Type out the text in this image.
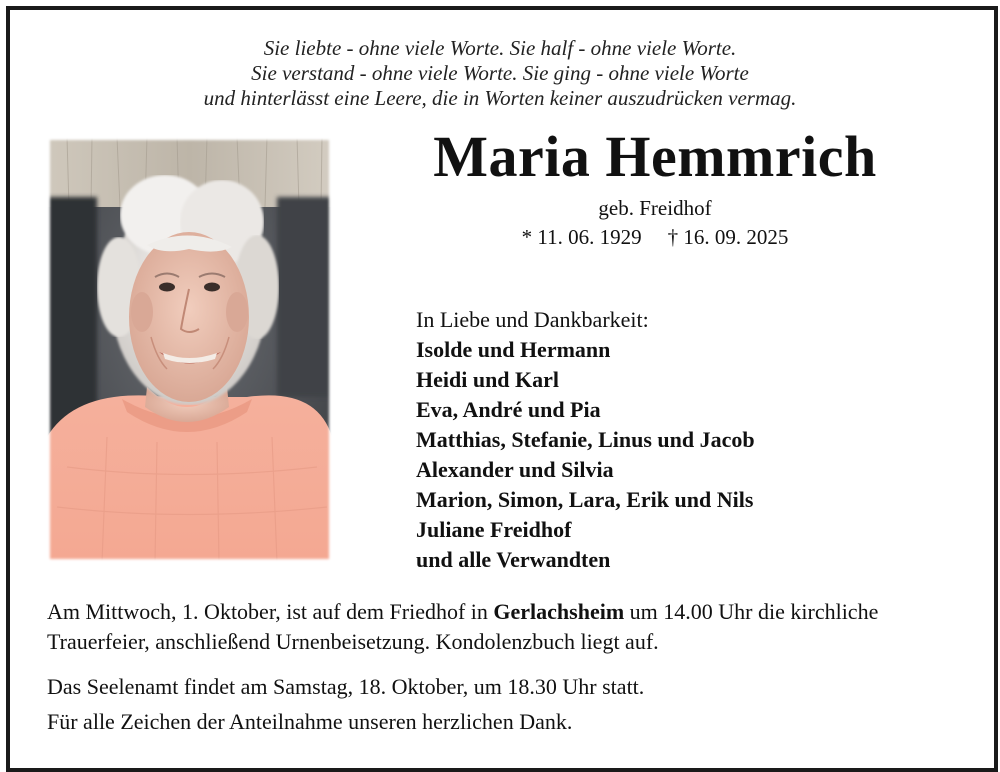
Sie liebte - ohne viele Worte. Sie half - ohne viele Worte.
Sie verstand - ohne viele Worte. Sie ging - ohne viele Worte
und hinterlässt eine Leere, die in Worten keiner auszudrücken vermag.
Maria Hemmrich
geb. Freidhof
* 11. 06. 1929 † 16. 09. 2025
In Liebe und Dankbarkeit:
Isolde und Hermann
Heidi und Karl
Eva, André und Pia
Matthias, Stefanie, Linus und Jacob
Alexander und Silvia
Marion, Simon, Lara, Erik und Nils
Juliane Freidhof
und alle Verwandten
Am Mittwoch, 1. Oktober, ist auf dem Friedhof in Gerlachsheim um 14.00 Uhr die kirchliche Trauerfeier, anschließend Urnenbeisetzung. Kondolenzbuch liegt auf.
Das Seelenamt findet am Samstag, 18. Oktober, um 18.30 Uhr statt.
Für alle Zeichen der Anteilnahme unseren herzlichen Dank.
